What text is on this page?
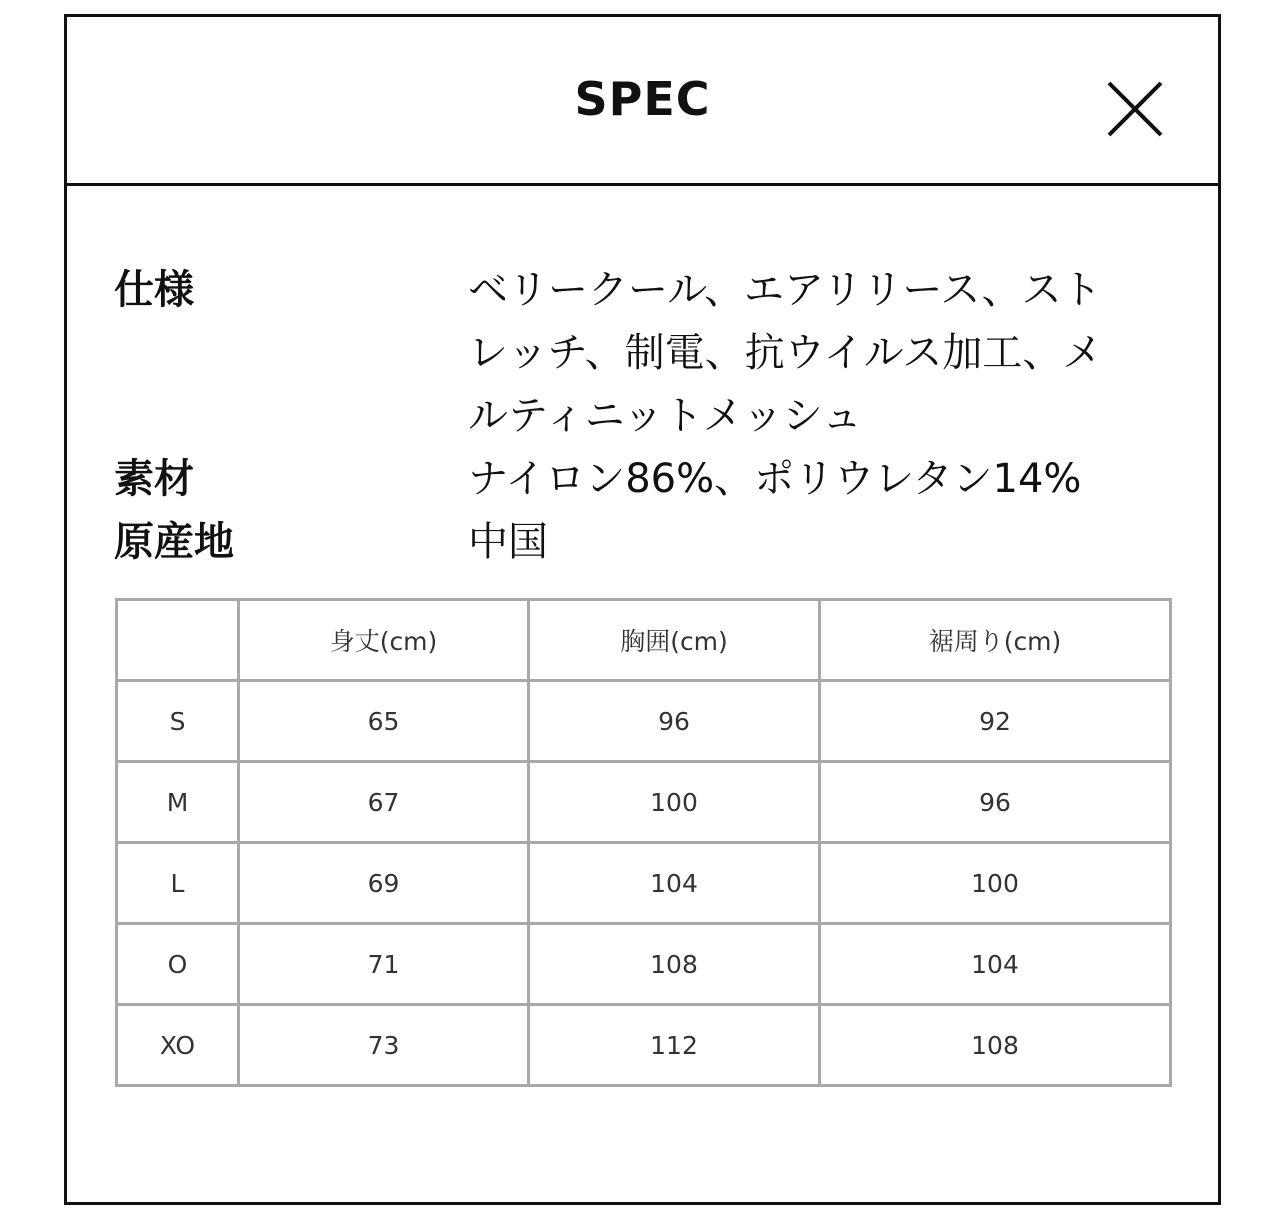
SPEC
仕様	ベリークール、エアリリース、ストレッチ、制電、抗ウイルス加工、メルティニットメッシュ
素材	ナイロン86%、ポリウレタン14%
原産地	中国
	身丈(cm)	胸囲(cm)	裾周り(cm)
S	65	96	92
M	67	100	96
L	69	104	100
O	71	108	104
XO	73	112	108
